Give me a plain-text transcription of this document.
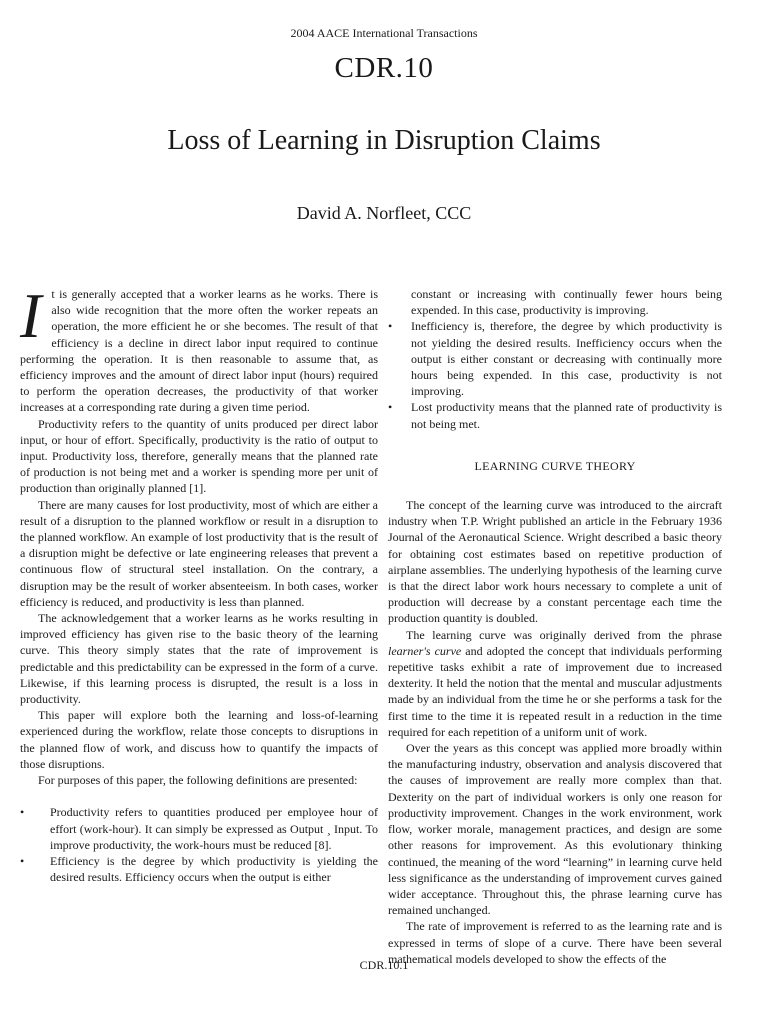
2004 AACE International Transactions
CDR.10
Loss of Learning in Disruption Claims
David A. Norfleet, CCC

It is generally accepted that a worker learns as he works. There is also wide recognition that the more often the worker repeats an operation, the more efficient he or she becomes. The result of that efficiency is a decline in direct labor input required to continue performing the operation. It is then reasonable to assume that, as efficiency improves and the amount of direct labor input (hours) required to perform the operation decreases, the productivity of that worker increases at a corresponding rate during a given time period.

Productivity refers to the quantity of units produced per direct labor input, or hour of effort. Specifically, productivity is the ratio of output to input. Productivity loss, therefore, generally means that the planned rate of production is not being met and a worker is spending more per unit of production than originally planned [1].

There are many causes for lost productivity, most of which are either a result of a disruption to the planned workflow or result in a disruption to the planned workflow. An example of lost productivity that is the result of a disruption might be defective or late engineering releases that prevent a continuous flow of structural steel installation. On the contrary, a disruption may be the result of worker absenteeism. In both cases, worker efficiency is reduced, and productivity is less than planned.

The acknowledgement that a worker learns as he works resulting in improved efficiency has given rise to the basic theory of the learning curve. This theory simply states that the rate of improvement is predictable and this predictability can be expressed in the form of a curve. Likewise, if this learning process is disrupted, the result is a loss in productivity.

This paper will explore both the learning and loss-of-learning experienced during the workflow, relate those concepts to disruptions in the planned flow of work, and discuss how to quantify the impacts of those disruptions.

For purposes of this paper, the following definitions are presented:

•	Productivity refers to quantities produced per employee hour of effort (work-hour). It can simply be expressed as Output ¸ Input. To improve productivity, the work-hours must be reduced [8].
•	Efficiency is the degree by which productivity is yielding the desired results. Efficiency occurs when the output is either
constant or increasing with continually fewer hours being expended. In this case, productivity is improving.
•	Inefficiency is, therefore, the degree by which productivity is not yielding the desired results. Inefficiency occurs when the output is either constant or decreasing with continually more hours being expended. In this case, productivity is not improving.
•	Lost productivity means that the planned rate of productivity is not being met.
LEARNING CURVE THEORY

The concept of the learning curve was introduced to the aircraft industry when T.P. Wright published an article in the February 1936 Journal of the Aeronautical Science. Wright described a basic theory for obtaining cost estimates based on repetitive production of airplane assemblies. The underlying hypothesis of the learning curve is that the direct labor work hours necessary to complete a unit of production will decrease by a constant percentage each time the production quantity is doubled.

The learning curve was originally derived from the phrase learner's curve and adopted the concept that individuals performing repetitive tasks exhibit a rate of improvement due to increased dexterity. It held the notion that the mental and muscular adjustments made by an individual from the time he or she performs a task for the first time to the time it is repeated result in a reduction in the time required for each repetition of a uniform unit of work.

Over the years as this concept was applied more broadly within the manufacturing industry, observation and analysis discovered that the causes of improvement are really more complex than that. Dexterity on the part of individual workers is only one reason for productivity improvement. Changes in the work environment, work flow, worker morale, management practices, and design are some other reasons for improvement. As this evolutionary thinking continued, the meaning of the word “learning” in learning curve held less significance as the understanding of improvement curves gained wider acceptance. Throughout this, the phrase learning curve has remained unchanged.

The rate of improvement is referred to as the learning rate and is expressed in terms of slope of a curve. There have been several mathematical models developed to show the effects of the

CDR.10.1
